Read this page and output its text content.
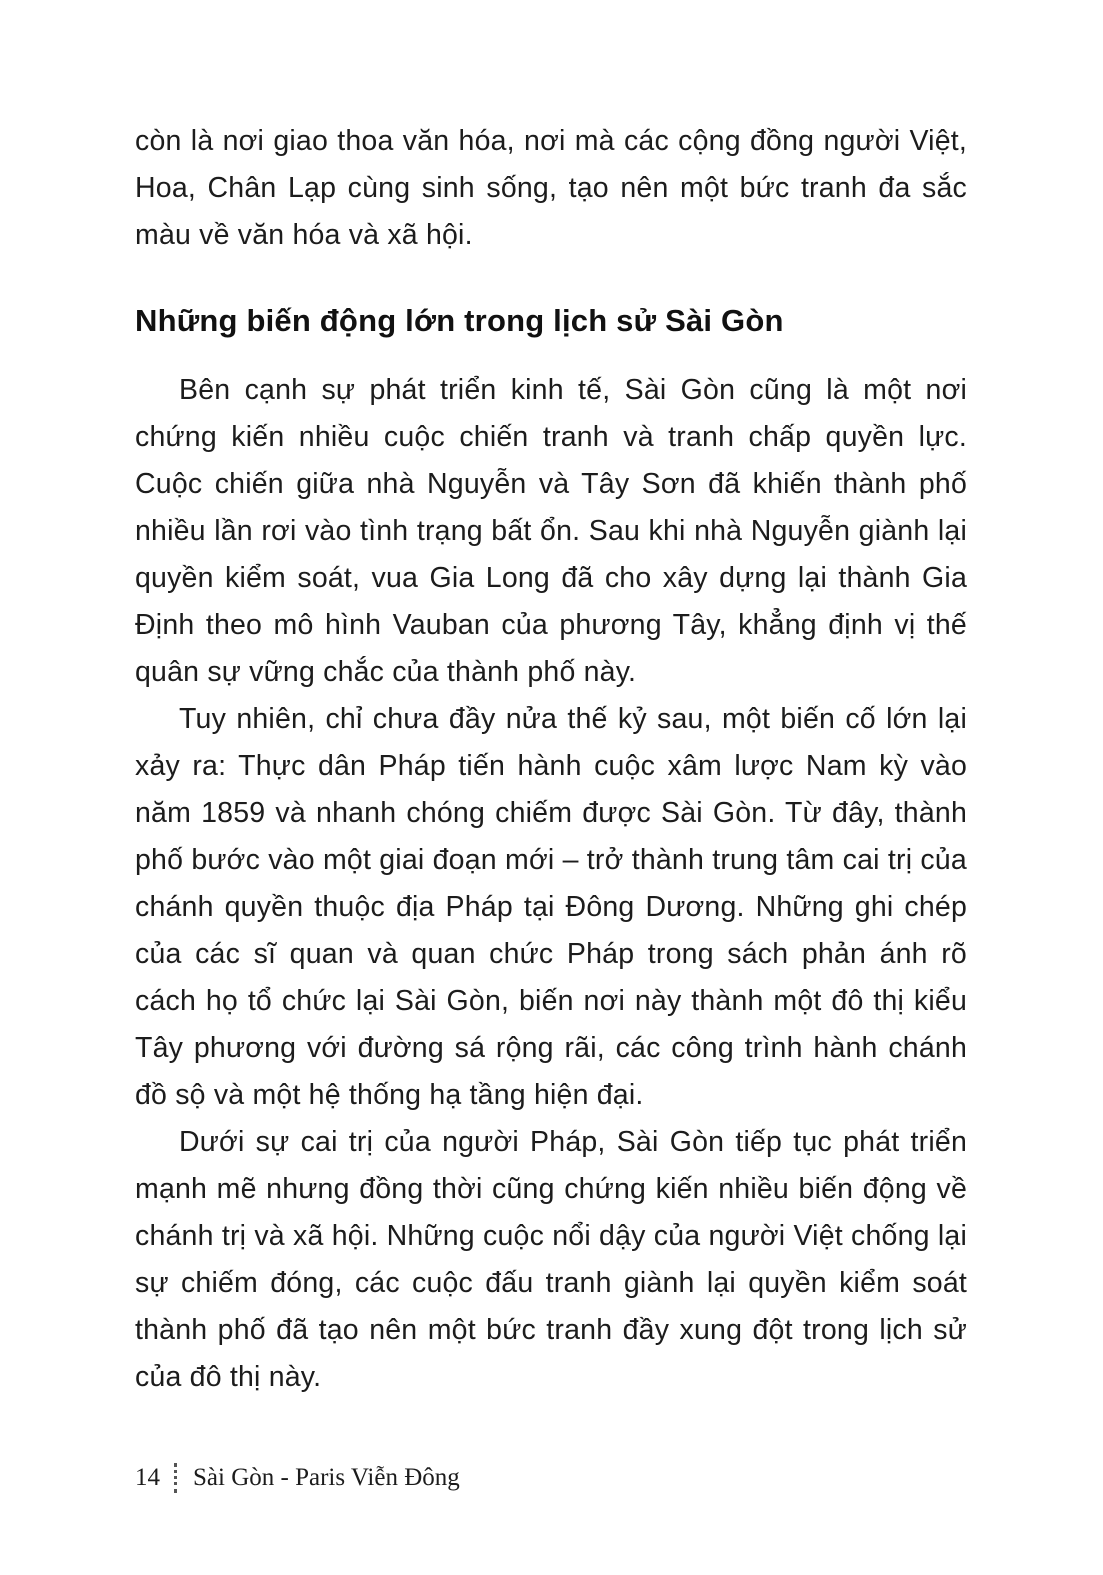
còn là nơi giao thoa văn hóa, nơi mà các cộng đồng người Việt, Hoa, Chân Lạp cùng sinh sống, tạo nên một bức tranh đa sắc màu về văn hóa và xã hội.

Những biến động lớn trong lịch sử Sài Gòn

Bên cạnh sự phát triển kinh tế, Sài Gòn cũng là một nơi chứng kiến nhiều cuộc chiến tranh và tranh chấp quyền lực. Cuộc chiến giữa nhà Nguyễn và Tây Sơn đã khiến thành phố nhiều lần rơi vào tình trạng bất ổn. Sau khi nhà Nguyễn giành lại quyền kiểm soát, vua Gia Long đã cho xây dựng lại thành Gia Định theo mô hình Vauban của phương Tây, khẳng định vị thế quân sự vững chắc của thành phố này.

Tuy nhiên, chỉ chưa đầy nửa thế kỷ sau, một biến cố lớn lại xảy ra: Thực dân Pháp tiến hành cuộc xâm lược Nam kỳ vào năm 1859 và nhanh chóng chiếm được Sài Gòn. Từ đây, thành phố bước vào một giai đoạn mới – trở thành trung tâm cai trị của chánh quyền thuộc địa Pháp tại Đông Dương. Những ghi chép của các sĩ quan và quan chức Pháp trong sách phản ánh rõ cách họ tổ chức lại Sài Gòn, biến nơi này thành một đô thị kiểu Tây phương với đường sá rộng rãi, các công trình hành chánh đồ sộ và một hệ thống hạ tầng hiện đại.

Dưới sự cai trị của người Pháp, Sài Gòn tiếp tục phát triển mạnh mẽ nhưng đồng thời cũng chứng kiến nhiều biến động về chánh trị và xã hội. Những cuộc nổi dậy của người Việt chống lại sự chiếm đóng, các cuộc đấu tranh giành lại quyền kiểm soát thành phố đã tạo nên một bức tranh đầy xung đột trong lịch sử của đô thị này.

14 Sài Gòn - Paris Viễn Đông
